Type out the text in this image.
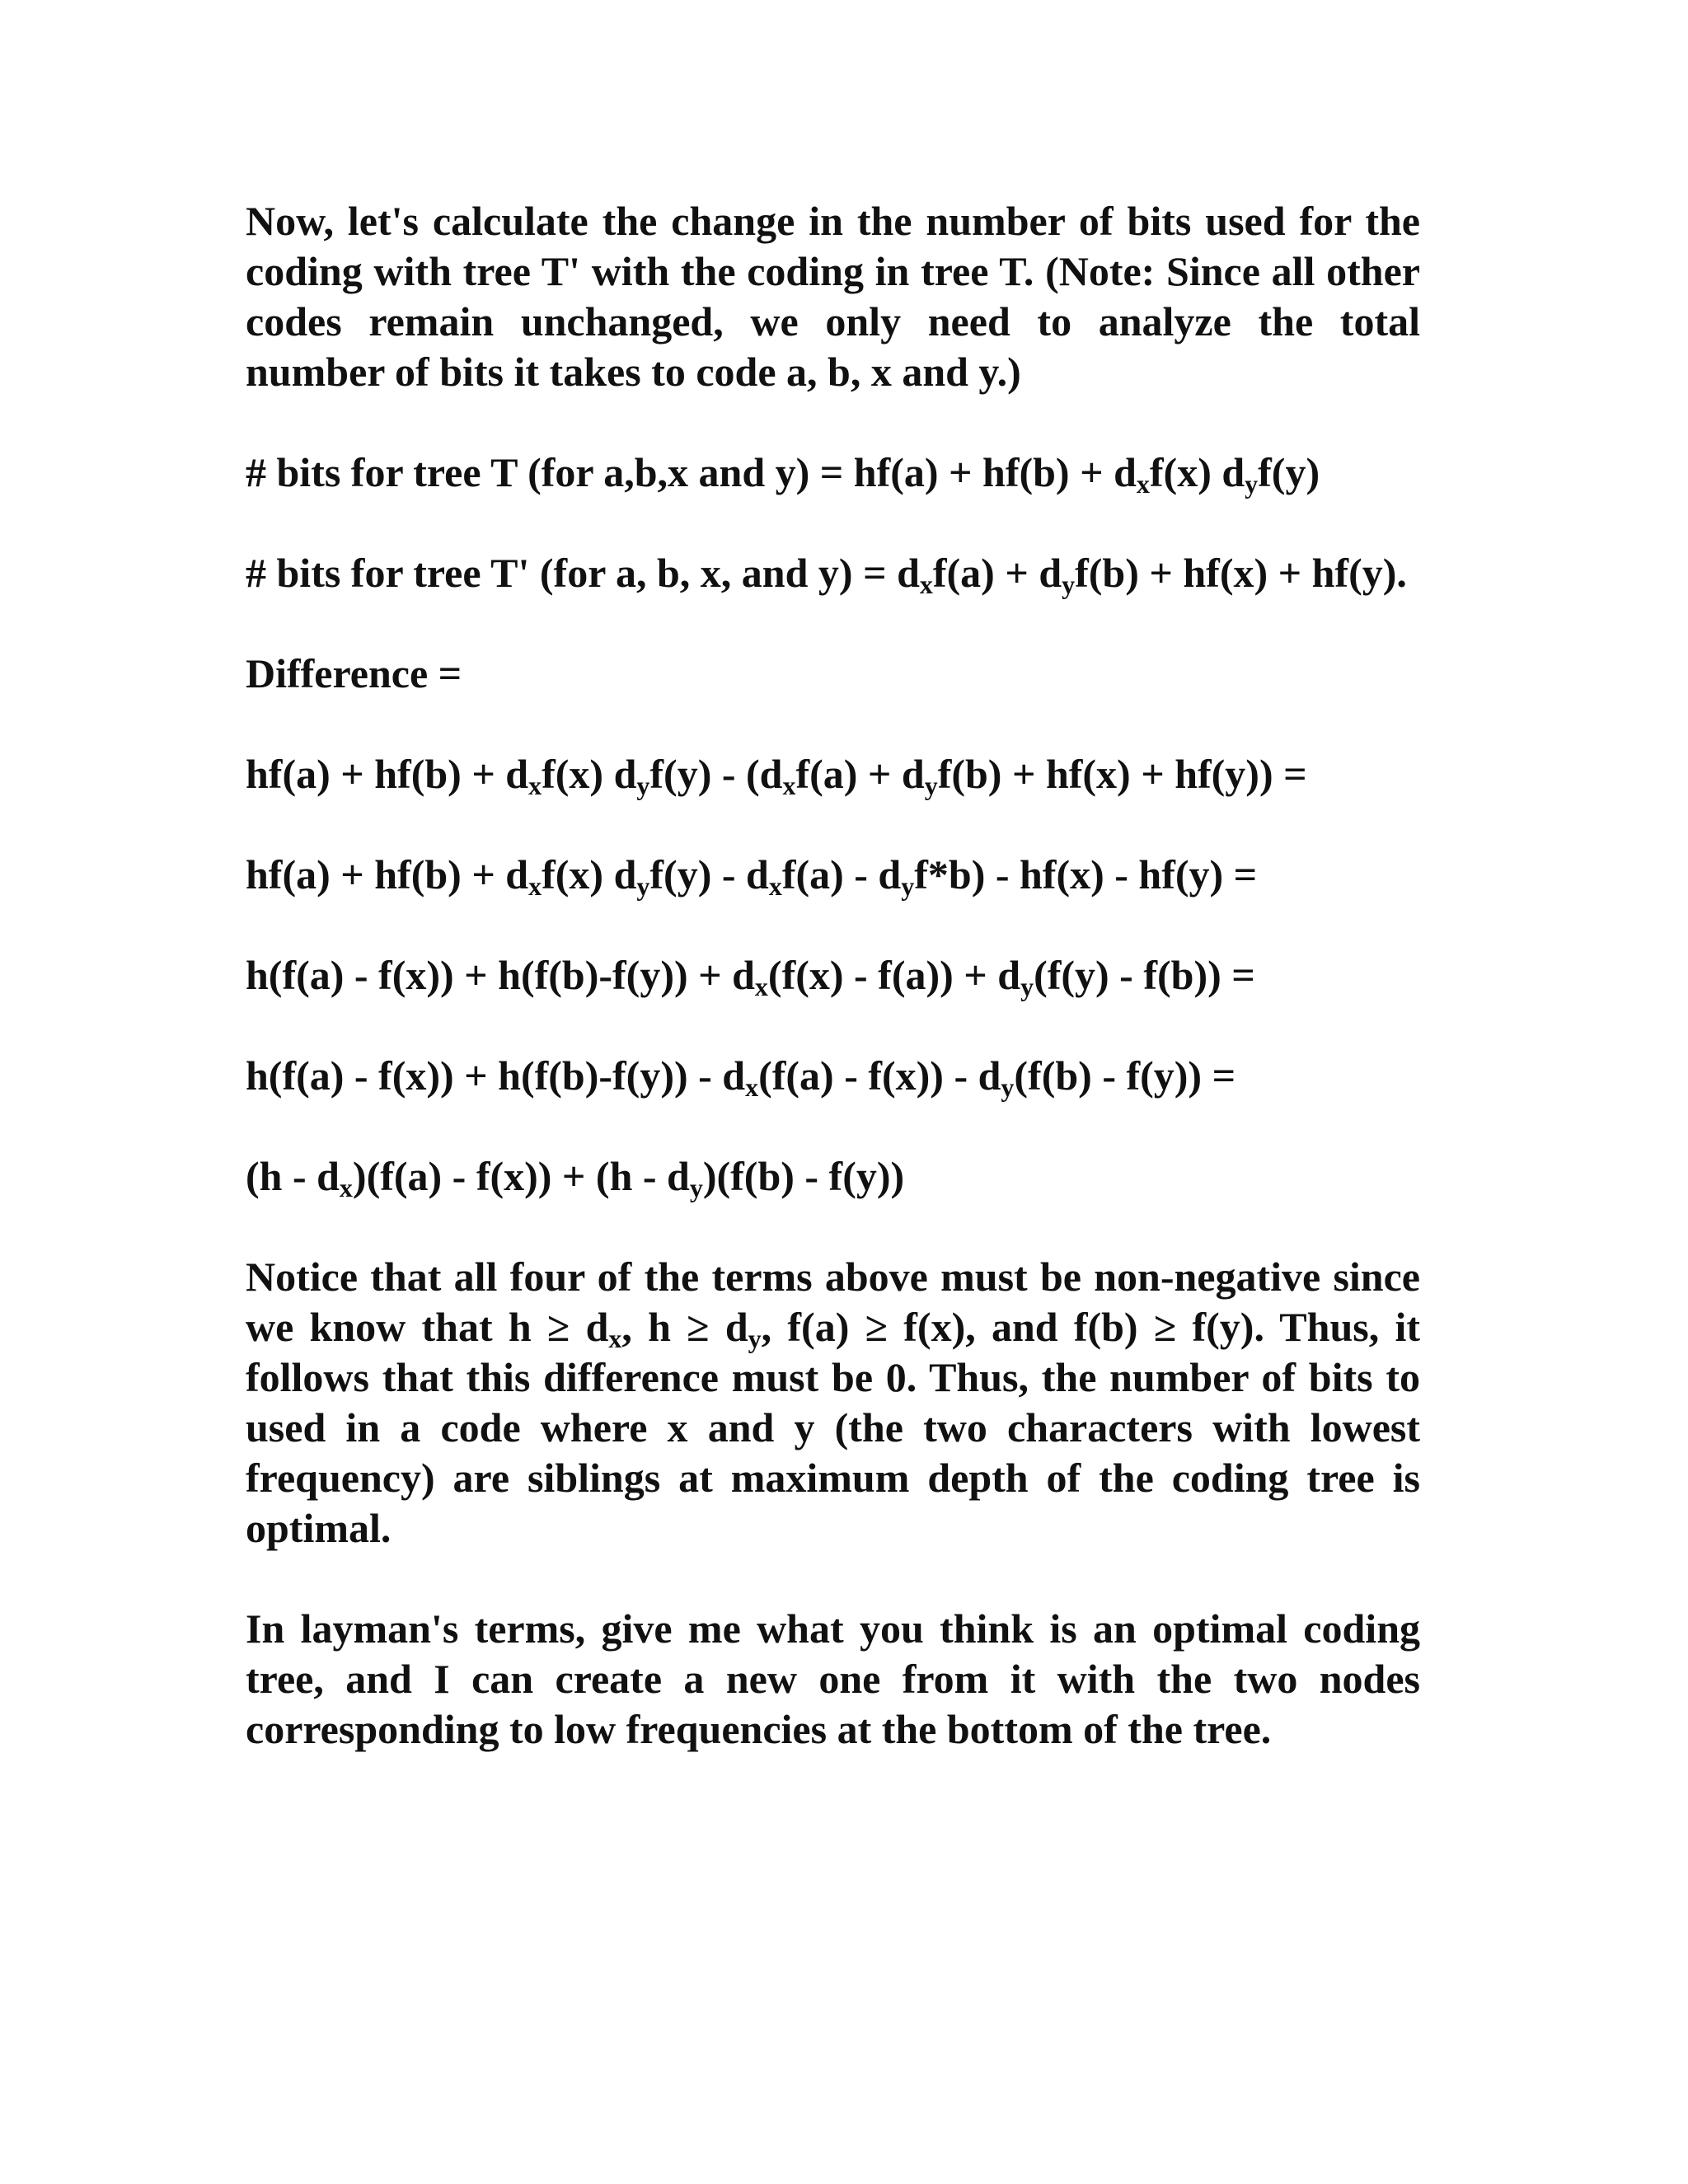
Now, let's calculate the change in the number of bits used for the coding with tree T' with the coding in tree T. (Note: Since all other codes remain unchanged, we only need to analyze the total number of bits it takes to code a, b, x and y.)

# bits for tree T (for a,b,x and $y) = hf(a) + hf(b) + d_xf(x)$ $d_yf(y)$

# bits for tree T' (for a, b, x, and $y) = d_xf(a) + d_yf(b) + hf(x) + hf(y)$.

Difference =

$hf(a) + hf(b) + d_xf(x)$ $d_yf(y) - (d_xf(a) + d_yf(b) + hf(x) + hf(y))$ =

$hf(a) + hf(b) + d_xf(x)$ $d_yf(y) - d_xf(a) - d_yf*b) - hf(x) - hf(y)$ =

$h(f(a) - f(x)) + h(f(b)-f(y)) + d_x(f(x) - f(a)) + d_y(f(y) - f(b))$ =

$h(f(a) - f(x)) + h(f(b)-f(y)) - d_x(f(a) - f(x)) - d_y(f(b) - f(y))$ =

$(h - d_x)(f(a) - f(x)) + (h - d_y)(f(b) - f(y))$

Notice that all four of the terms above must be non-negative since we know that $h \ge d_x$, $h \ge d_y$, f(a) ≥ f(x), and f(b) ≥ f(y). Thus, it follows that this difference must be 0. Thus, the number of bits to used in a code where x and y (the two characters with lowest frequency) are siblings at maximum depth of the coding tree is optimal.

In layman's terms, give me what you think is an optimal coding tree, and I can create a new one from it with the two nodes corresponding to low frequencies at the bottom of the tree.
